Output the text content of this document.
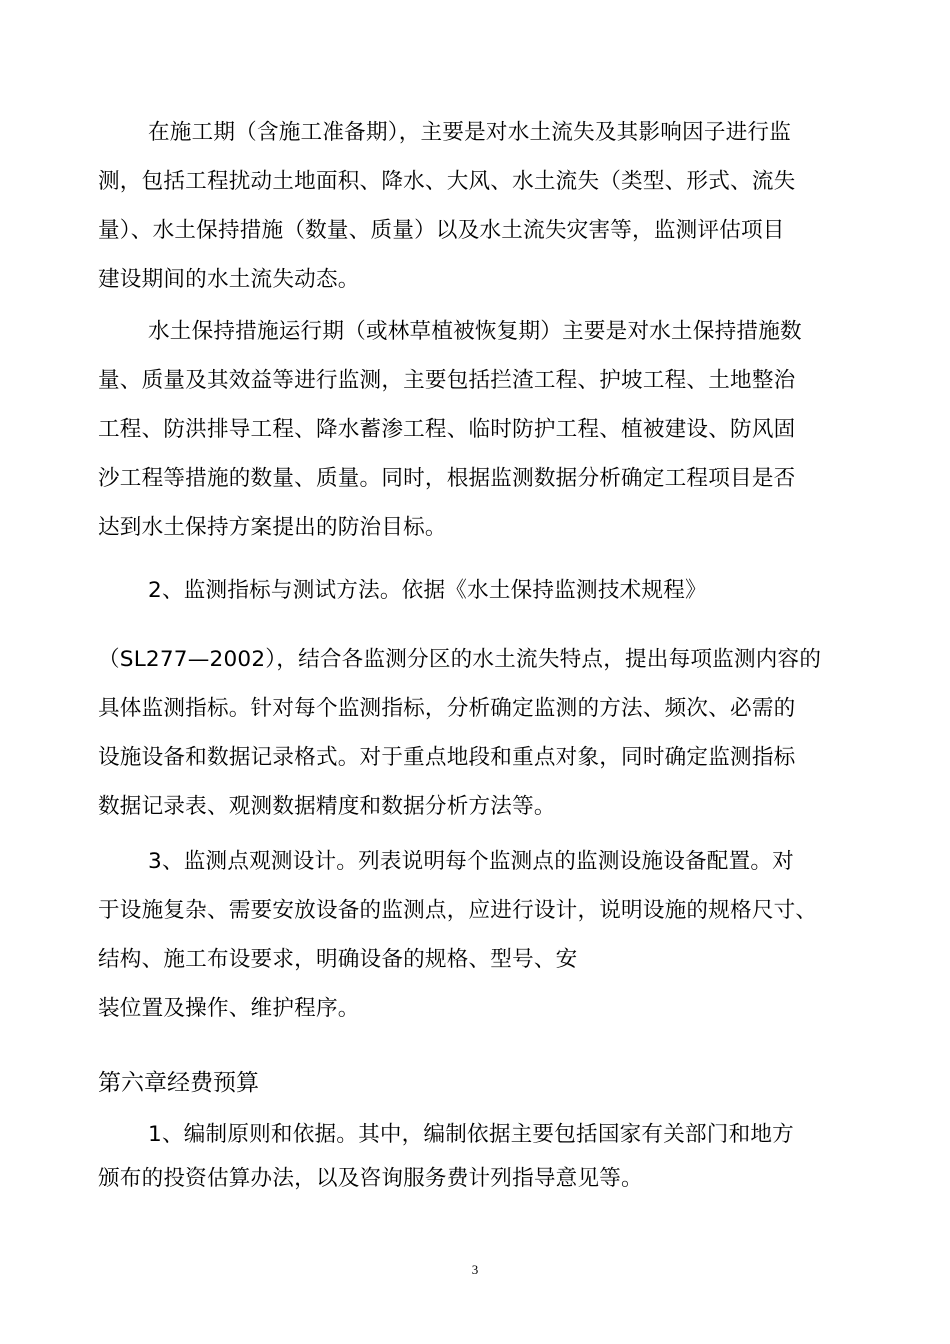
在施工期（含施工准备期），主要是对水土流失及其影响因子进行监
测，包括工程扰动土地面积、降水、大风、水土流失（类型、形式、流失
量）、水土保持措施（数量、质量）以及水土流失灾害等，监测评估项目
建设期间的水土流失动态。
水土保持措施运行期（或林草植被恢复期）主要是对水土保持措施数
量、质量及其效益等进行监测，主要包括拦渣工程、护坡工程、土地整治
工程、防洪排导工程、降水蓄渗工程、临时防护工程、植被建设、防风固
沙工程等措施的数量、质量。同时，根据监测数据分析确定工程项目是否
达到水土保持方案提出的防治目标。
2、监测指标与测试方法。依据《水土保持监测技术规程》
（SL277—2002），结合各监测分区的水土流失特点，提出每项监测内容的
具体监测指标。针对每个监测指标，分析确定监测的方法、频次、必需的
设施设备和数据记录格式。对于重点地段和重点对象，同时确定监测指标
数据记录表、观测数据精度和数据分析方法等。
3、监测点观测设计。列表说明每个监测点的监测设施设备配置。对
于设施复杂、需要安放设备的监测点，应进行设计，说明设施的规格尺寸、
结构、施工布设要求，明确设备的规格、型号、安
装位置及操作、维护程序。
第六章经费预算
1、编制原则和依据。其中，编制依据主要包括国家有关部门和地方
颁布的投资估算办法，以及咨询服务费计列指导意见等。
3
